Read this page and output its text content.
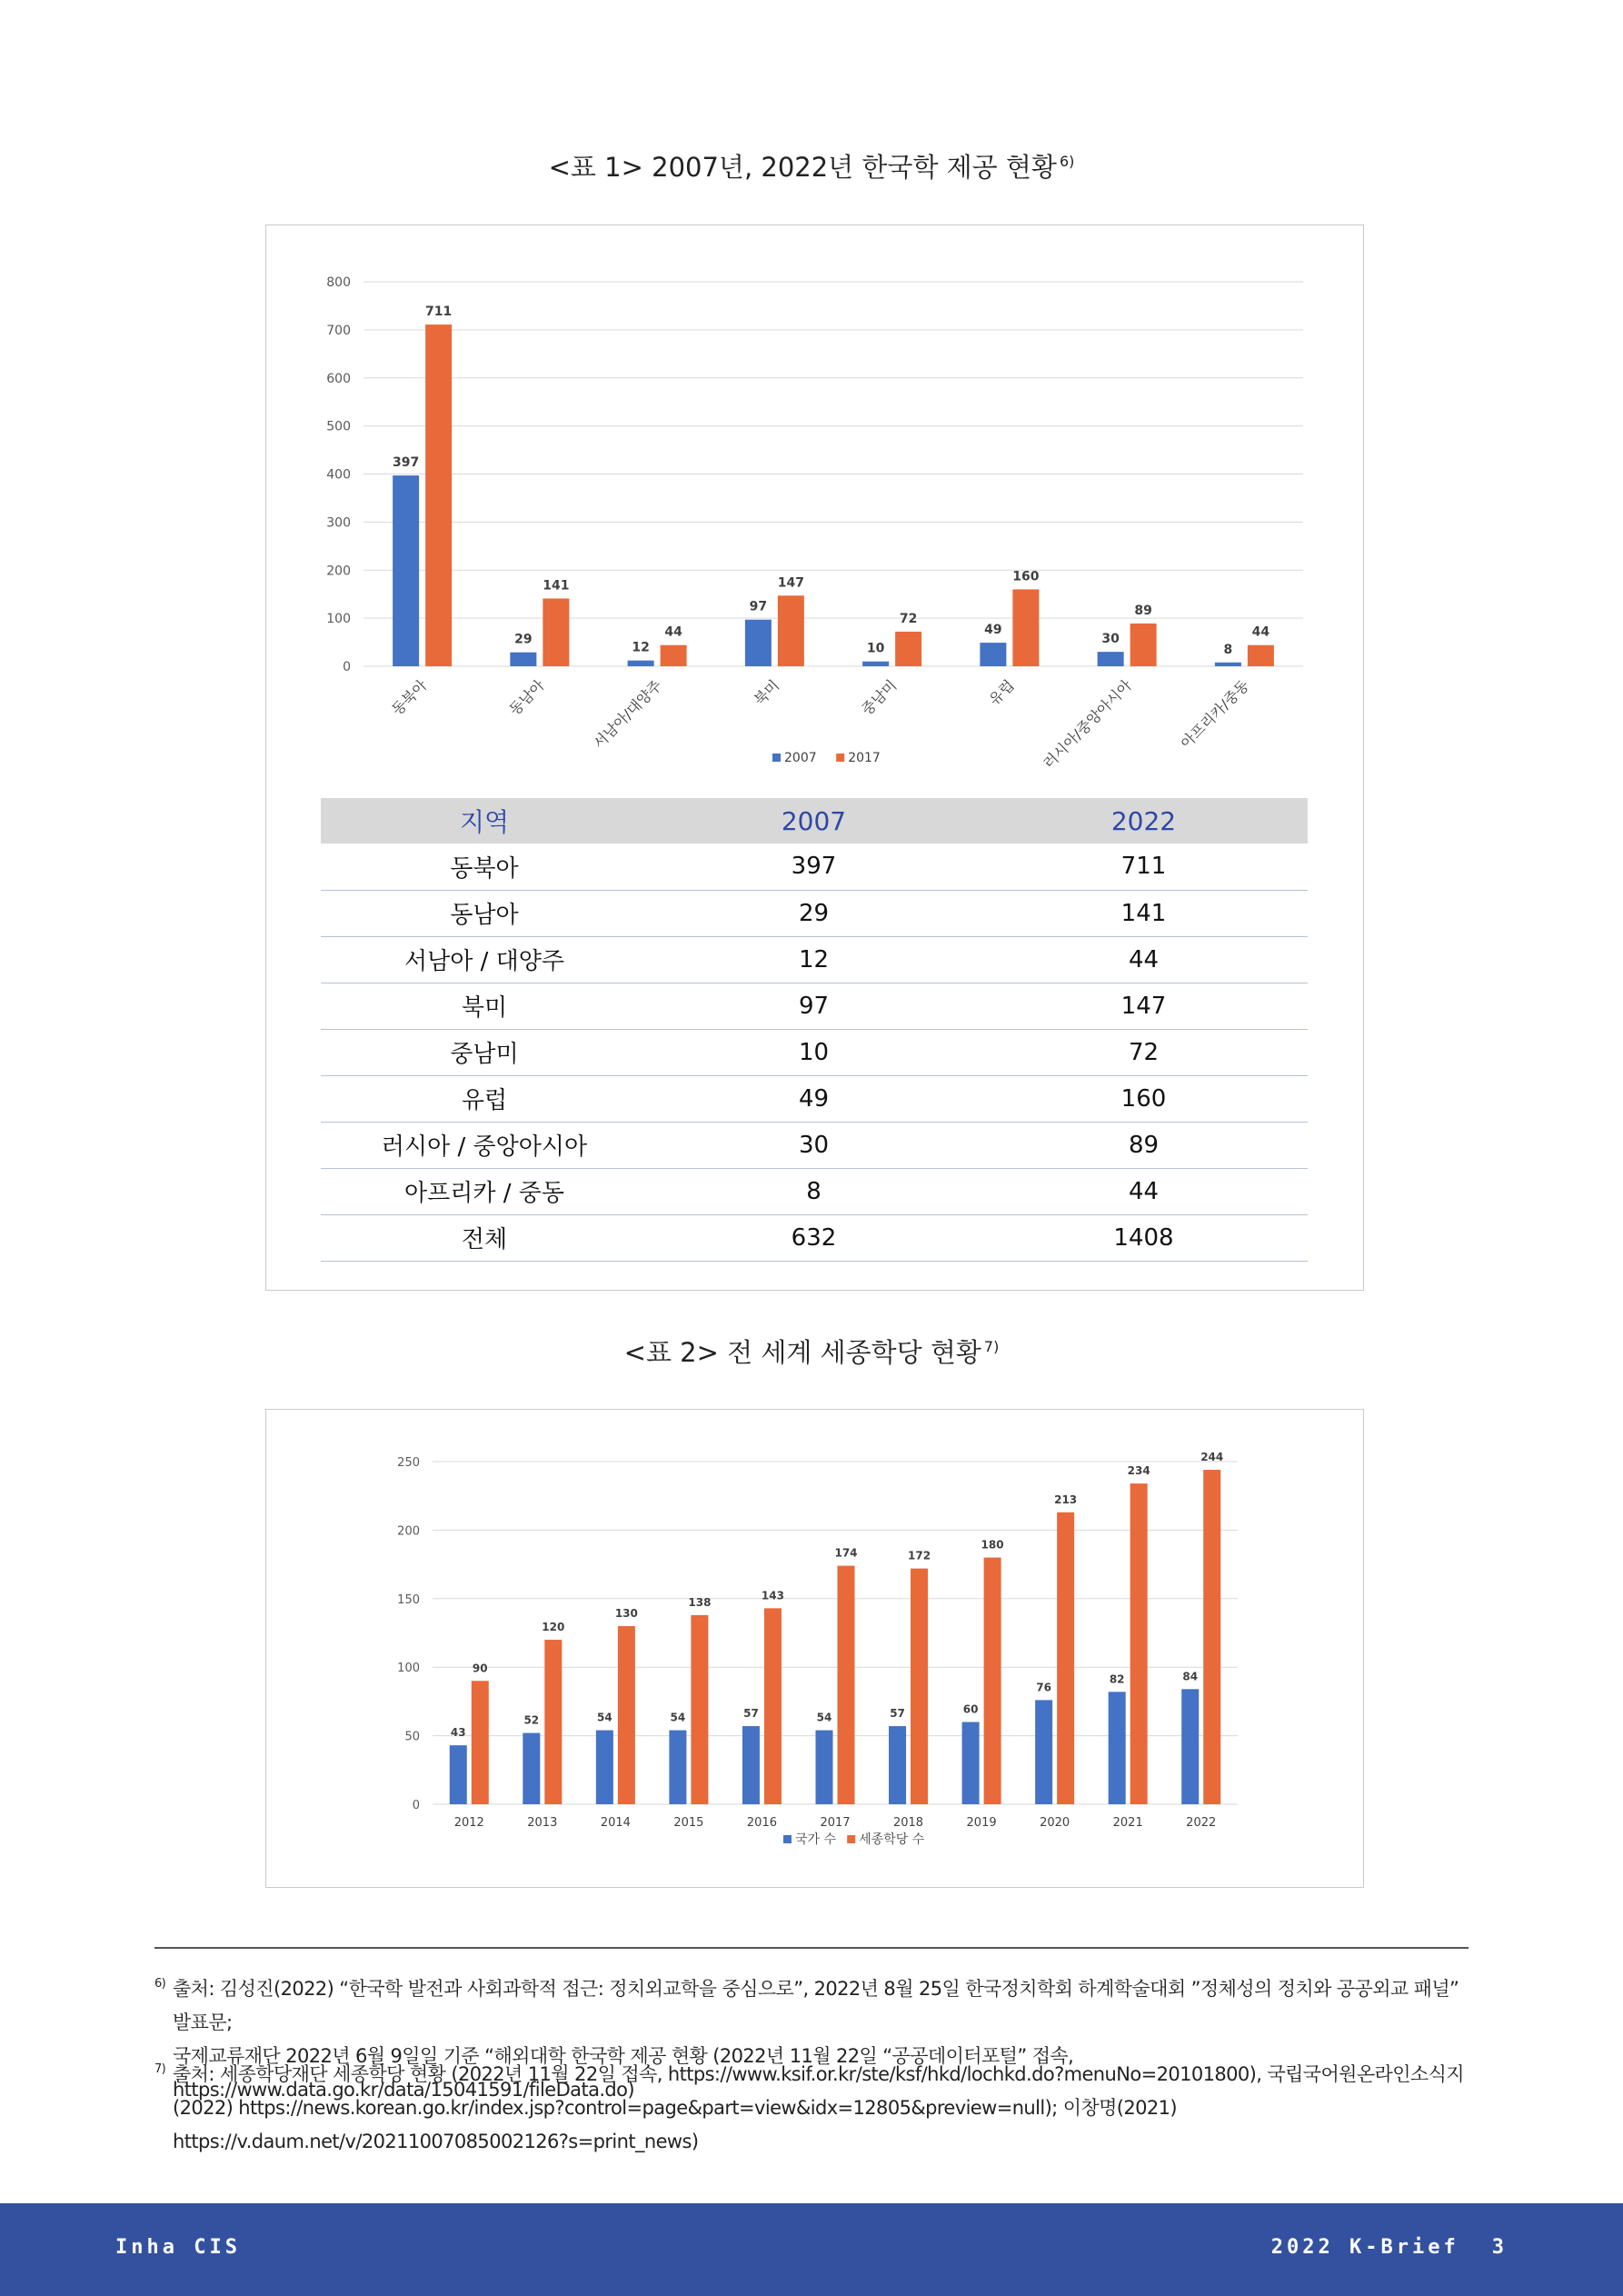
<표 1> 2007년, 2022년 한국학 제공 현황 $^{6)}$
0
100
200
300
400
500
600
700
800
397
711
동북아
29
141
동남아
12
44
서남아/대양주
97
147
북미
10
72
중남미
49
160
유럽
30
89
러시아/중앙아시아
8
44
아프리카/중동
2007 2017
지역	2007	2022
동북아	397	711
동남아	29	141
서남아 / 대양주	12	44
북미	97	147
중남미	10	72
유럽	49	160
러시아 / 중앙아시아	30	89
아프리카 / 중동	8	44
전체	632	1408
<표 2> 전 세계 세종학당 현황 $^{7)}$
0
50
100
150
200
250
43
90
2012
52
120
2013
54
130
2014
54
138
2015
57
143
2016
54
174
2017
57
172
2018
60
180
2019
76
213
2020
82
234
2021
84
244
2022
국가 수 세종학당 수
6) 출처: 김성진(2022) “한국학 발전과 사회과학적 접근: 정치외교학을 중심으로”, 2022년 8월 25일 한국정치학회 하계학술대회 ”정체성의 정치와 공공외교 패널” 발표문;
국제교류재단 2022년 6월 9일일 기준 “해외대학 한국학 제공 현황 (2022년 11월 22일 “공공데이터포털” 접속, https://www.data.go.kr/data/15041591/fileData.do)
7) 출처: 세종학당재단 세종학당 현황 (2022년 11월 22일 접속, https://www.ksif.or.kr/ste/ksf/hkd/lochkd.do?menuNo=20101800), 국립국어원온라인소식지
(2022) https://news.korean.go.kr/index.jsp?control=page&part=view&idx=12805&preview=null); 이창명(2021)
https://v.daum.net/v/20211007085002126?s=print_news)
Inha CIS	2022 K-Brief 3
